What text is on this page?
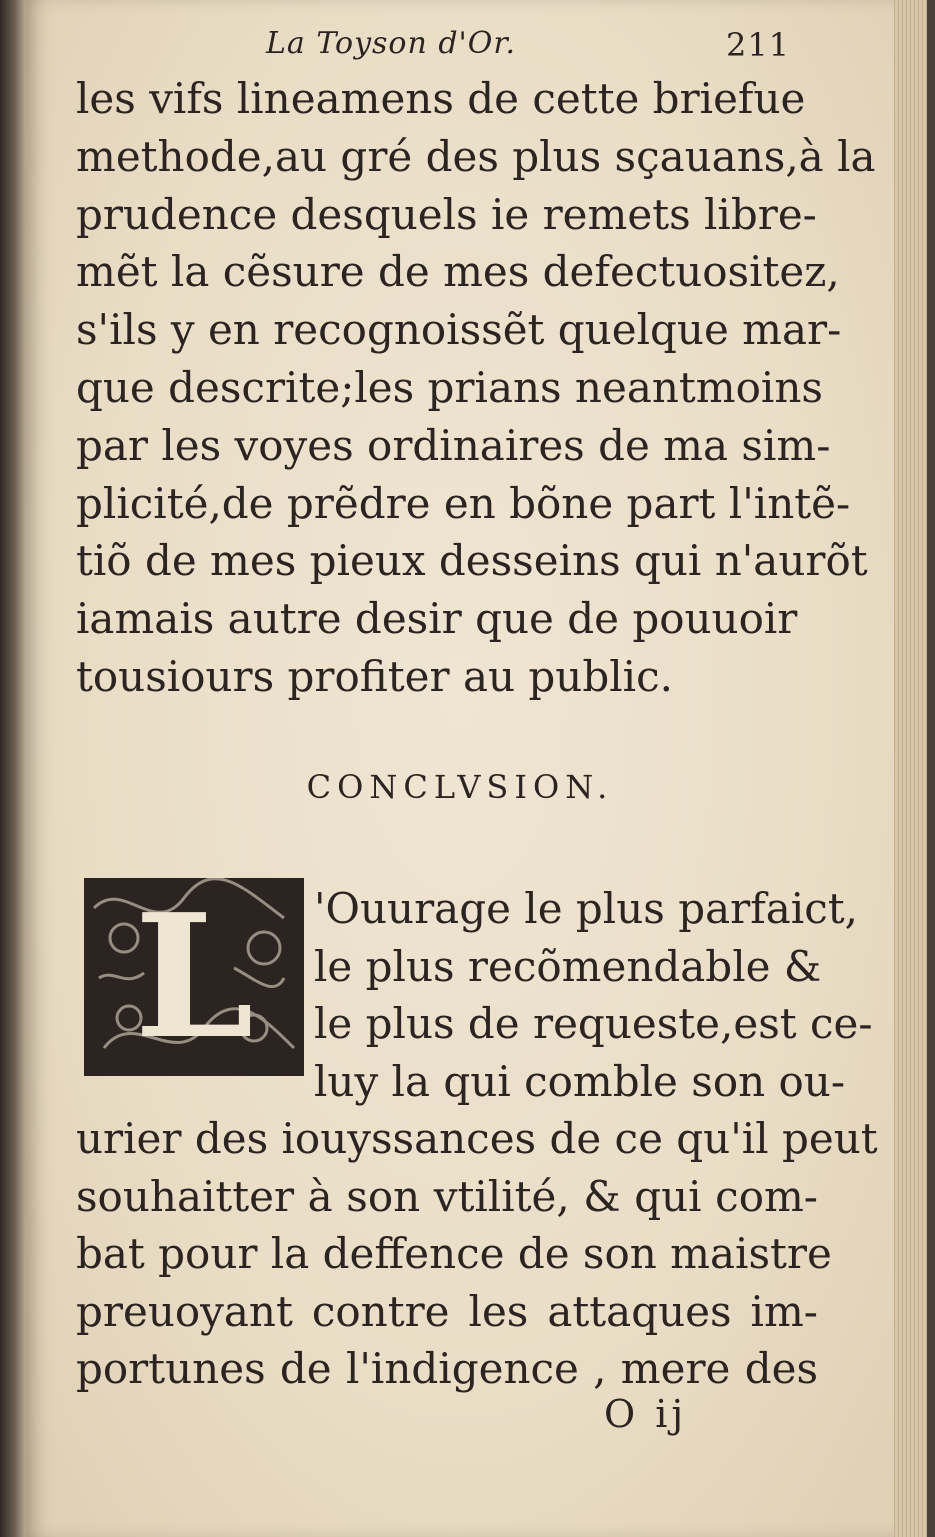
La Toyson d'Or.	211
les vifs lineamens de cette briefue
methode,au gré des plus sçauans,à la
prudence desquels ie remets libre-
mẽt la cẽsure de mes defectuositez,
s'ils y en recognoissẽt quelque mar-
que descrite;les prians neantmoins
par les voyes ordinaires de ma sim-
plicité,de prẽdre en bõne part l'intẽ-
tiõ de mes pieux desseins qui n'aurõt
iamais autre desir que de pouuoir
tousiours profiter au public.
CONCLVSION.
L	'Ouurage le plus parfaict,
le plus recõmendable &
le plus de requeste,est ce-
luy la qui comble son ou-
urier des iouyssances de ce qu'il peut
souhaitter à son vtilité, & qui com-
bat pour la deffence de son maistre
preuoyant contre les attaques im-
portunes de l'indigence , mere des
O ij
